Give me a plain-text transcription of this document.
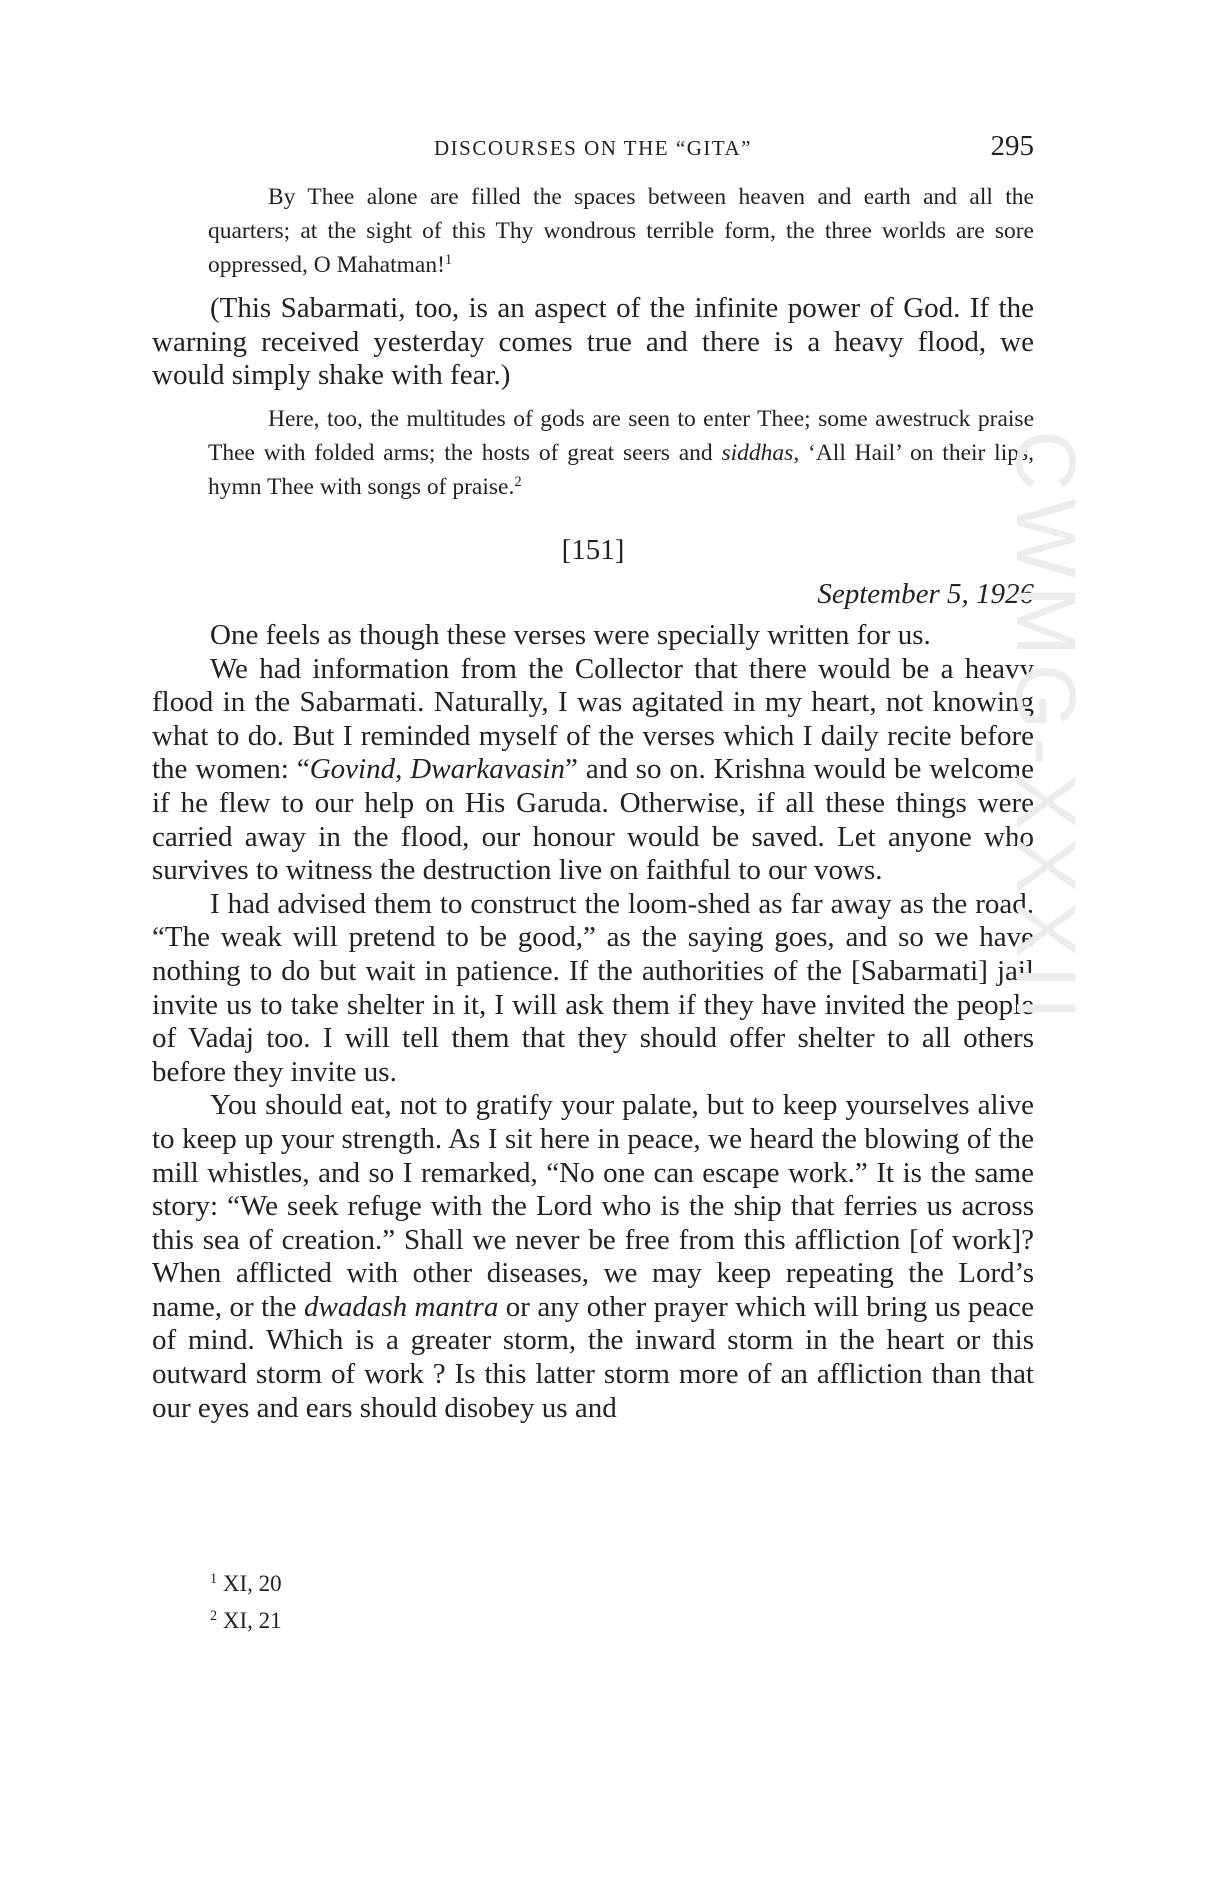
DISCOURSES ON THE “GITA”	295

By Thee alone are filled the spaces between heaven and earth and all the quarters; at the sight of this Thy wondrous terrible form, the three worlds are sore oppressed, O Mahatman!$^1$

(This Sabarmati, too, is an aspect of the infinite power of God. If the warning received yesterday comes true and there is a heavy flood, we would simply shake with fear.)

Here, too, the multitudes of gods are seen to enter Thee; some awestruck praise Thee with folded arms; the hosts of great seers and siddhas, ‘All Hail’ on their lips, hymn Thee with songs of praise.$^2$

[151]
September 5, 1926

One feels as though these verses were specially written for us.

We had information from the Collector that there would be a heavy flood in the Sabarmati. Naturally, I was agitated in my heart, not knowing what to do. But I reminded myself of the verses which I daily recite before the women: “Govind, Dwarkavasin” and so on. Krishna would be welcome if he flew to our help on His Garuda. Otherwise, if all these things were carried away in the flood, our honour would be saved. Let anyone who survives to witness the destruction live on faithful to our vows.

I had advised them to construct the loom-shed as far away as the road. “The weak will pretend to be good,” as the saying goes, and so we have nothing to do but wait in patience. If the authorities of the [Sabarmati] jail invite us to take shelter in it, I will ask them if they have invited the people of Vadaj too. I will tell them that they should offer shelter to all others before they invite us.

You should eat, not to gratify your palate, but to keep yourselves alive to keep up your strength. As I sit here in peace, we heard the blowing of the mill whistles, and so I remarked, “No one can escape work.” It is the same story: “We seek refuge with the Lord who is the ship that ferries us across this sea of creation.” Shall we never be free from this affliction [of work]? When afflicted with other diseases, we may keep repeating the Lord’s name, or the dwadash mantra or any other prayer which will bring us peace of mind. Which is a greater storm, the inward storm in the heart or this outward storm of work ? Is this latter storm more of an affliction than that our eyes and ears should disobey us and

$^1$ XI, 20
$^2$ XI, 21
CWMG-XXXII
